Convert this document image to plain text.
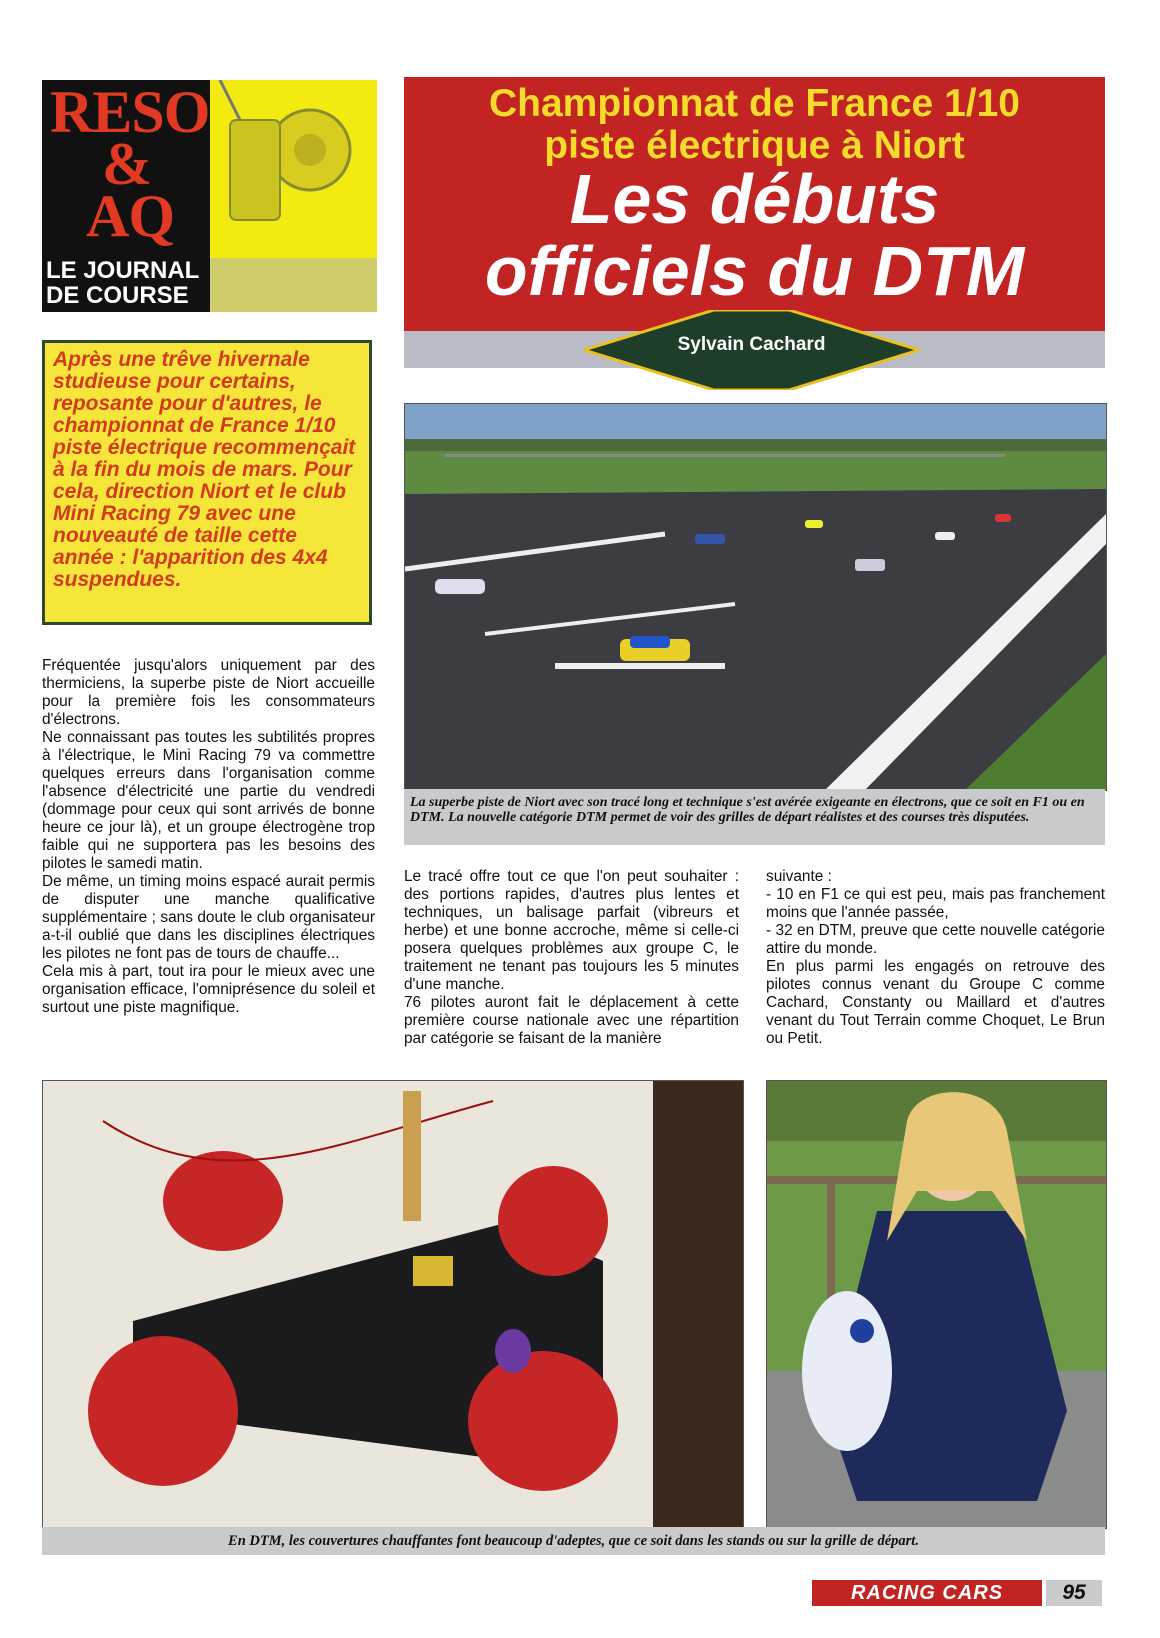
RESO
&
AQ
LE JOURNAL
DE COURSE
Championnat de France 1/10
piste électrique à Niort
Les débuts
officiels du DTM
Sylvain Cachard
Après une trêve hivernale studieuse pour certains, reposante pour d'autres, le championnat de France 1/10 piste électrique recommençait à la fin du mois de mars. Pour cela, direction Niort et le club Mini Racing 79 avec une nouveauté de taille cette année : l'apparition des 4x4 suspendues.

Fréquentée jusqu'alors uniquement par des thermiciens, la superbe piste de Niort accueille pour la première fois les consommateurs d'électrons.

Ne connaissant pas toutes les subtilités propres à l'électrique, le Mini Racing 79 va commettre quelques erreurs dans l'organisation comme l'absence d'électricité une partie du vendredi (dommage pour ceux qui sont arrivés de bonne heure ce jour là), et un groupe électrogène trop faible qui ne supportera pas les besoins des pilotes le samedi matin.

De même, un timing moins espacé aurait permis de disputer une manche qualificative supplémentaire ; sans doute le club organisateur a-t-il oublié que dans les disciplines électriques les pilotes ne font pas de tours de chauffe...

Cela mis à part, tout ira pour le mieux avec une organisation efficace, l'omniprésence du soleil et surtout une piste magnifique.

La superbe piste de Niort avec son tracé long et technique s'est avérée exigeante en électrons, que ce soit en F1 ou en DTM. La nouvelle catégorie DTM permet de voir des grilles de départ réalistes et des courses très disputées.

Le tracé offre tout ce que l'on peut souhaiter : des portions rapides, d'autres plus lentes et techniques, un balisage parfait (vibreurs et herbe) et une bonne accroche, même si celle-ci posera quelques problèmes aux groupe C, le traitement ne tenant pas toujours les 5 minutes d'une manche.

76 pilotes auront fait le déplacement à cette première course nationale avec une répartition par catégorie se faisant de la manière

suivante :

- 10 en F1 ce qui est peu, mais pas franchement moins que l'année passée,

- 32 en DTM, preuve que cette nouvelle catégorie attire du monde.

En plus parmi les engagés on retrouve des pilotes connus venant du Groupe C comme Cachard, Constanty ou Maillard et d'autres venant du Tout Terrain comme Choquet, Le Brun ou Petit.

En DTM, les couvertures chauffantes font beaucoup d'adeptes, que ce soit dans les stands ou sur la grille de départ.
RACING CARS	95
